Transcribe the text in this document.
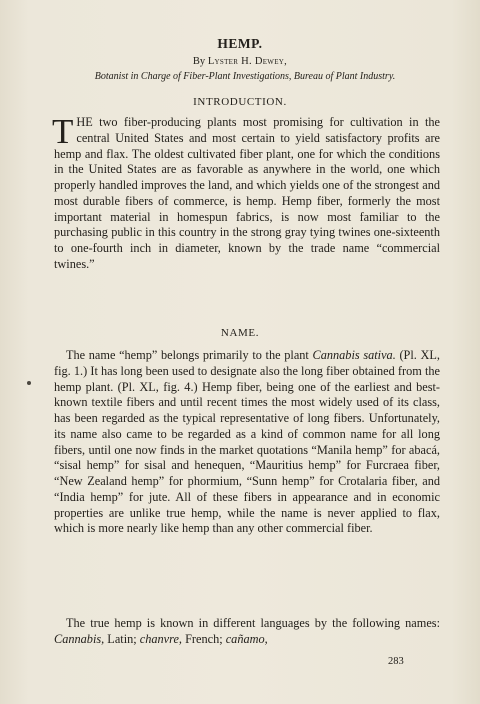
HEMP.
By Lyster H. Dewey,
Botanist in Charge of Fiber-Plant Investigations, Bureau of Plant Industry.
INTRODUCTION.

THE two fiber-producing plants most promising for cultivation in the central United States and most certain to yield satisfactory profits are hemp and flax. The oldest cultivated fiber plant, one for which the conditions in the United States are as favorable as anywhere in the world, one which properly handled improves the land, and which yields one of the strongest and most durable fibers of commerce, is hemp. Hemp fiber, formerly the most important material in homespun fabrics, is now most familiar to the purchasing public in this country in the strong gray tying twines one-sixteenth to one-fourth inch in diameter, known by the trade name “commercial twines.”

NAME.

The name “hemp” belongs primarily to the plant Cannabis sativa. (Pl. XL, fig. 1.) It has long been used to designate also the long fiber obtained from the hemp plant. (Pl. XL, fig. 4.) Hemp fiber, being one of the earliest and best-known textile fibers and until recent times the most widely used of its class, has been regarded as the typical representative of long fibers. Unfortunately, its name also came to be regarded as a kind of common name for all long fibers, until one now finds in the market quotations “Manila hemp” for abacá, “sisal hemp” for sisal and henequen, “Mauritius hemp” for Furcraea fiber, “New Zealand hemp” for phormium, “Sunn hemp” for Crotalaria fiber, and “India hemp” for jute. All of these fibers in appearance and in economic properties are unlike true hemp, while the name is never applied to flax, which is more nearly like hemp than any other commercial fiber.

The true hemp is known in different languages by the following names: Cannabis, Latin; chanvre, French; cañamo,

283
